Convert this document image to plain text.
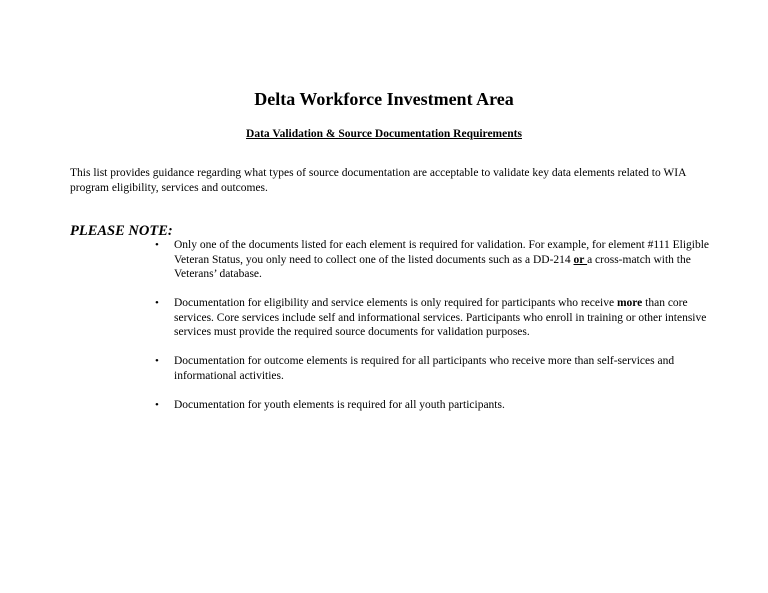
Delta Workforce Investment Area
Data Validation & Source Documentation Requirements
This list provides guidance regarding what types of source documentation are acceptable to validate key data elements related to WIA program eligibility, services and outcomes.
PLEASE NOTE:
• Only one of the documents listed for each element is required for validation. For example, for element #111 Eligible Veteran Status, you only need to collect one of the listed documents such as a DD-214 or a cross-match with the Veterans’ database.
• Documentation for eligibility and service elements is only required for participants who receive more than core services. Core services include self and informational services. Participants who enroll in training or other intensive services must provide the required source documents for validation purposes.
• Documentation for outcome elements is required for all participants who receive more than self-services and informational activities.
• Documentation for youth elements is required for all youth participants.
